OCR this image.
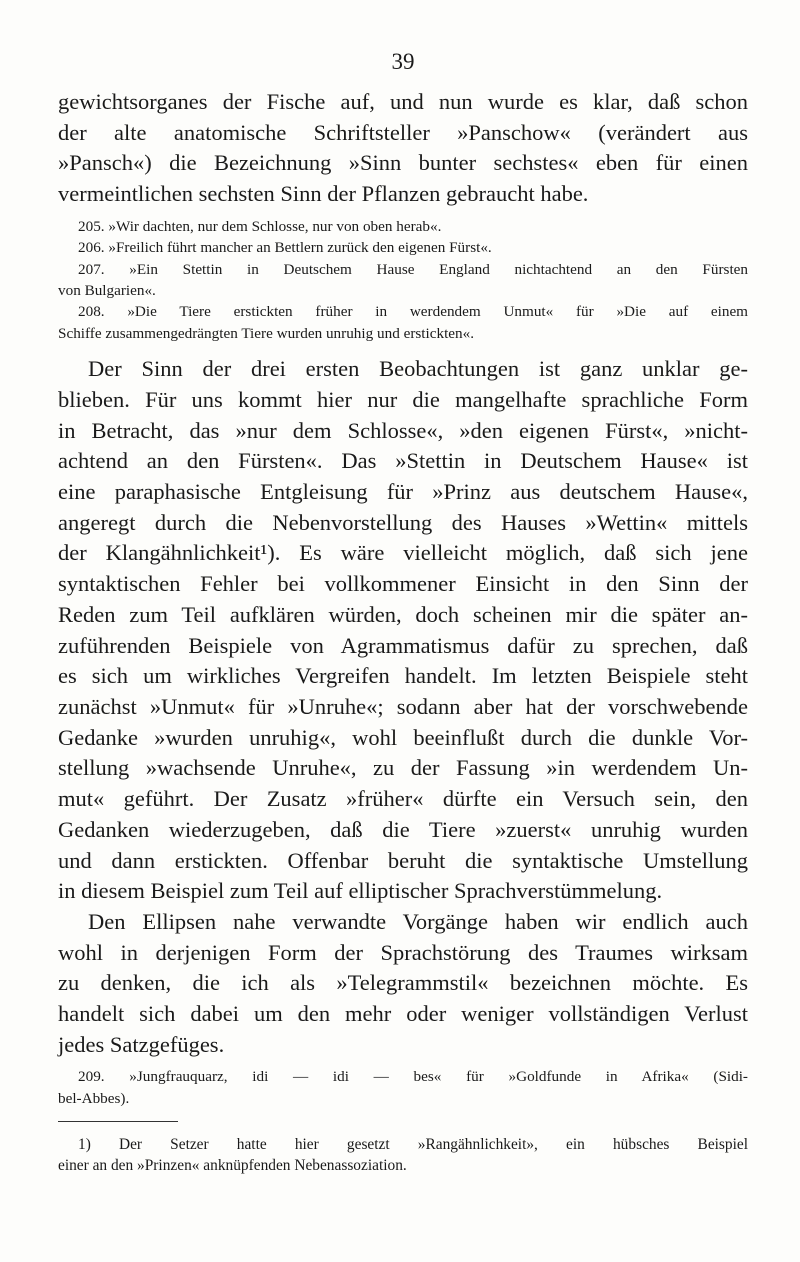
39
gewichtsorganes der Fische auf, und nun wurde es klar, daß schon
der alte anatomische Schriftsteller »Panschow« (verändert aus
»Pansch«) die Bezeichnung »Sinn bunter sechstes« eben für einen
vermeintlichen sechsten Sinn der Pflanzen gebraucht habe.
205. »Wir dachten, nur dem Schlosse, nur von oben herab«.
206. »Freilich führt mancher an Bettlern zurück den eigenen Fürst«.
207. »Ein Stettin in Deutschem Hause England nichtachtend an den Fürsten
von Bulgarien«.
208. »Die Tiere erstickten früher in werdendem Unmut« für »Die auf einem
Schiffe zusammengedrängten Tiere wurden unruhig und erstickten«.
Der Sinn der drei ersten Beobachtungen ist ganz unklar ge-
blieben. Für uns kommt hier nur die mangelhafte sprachliche Form
in Betracht, das »nur dem Schlosse«, »den eigenen Fürst«, »nicht-
achtend an den Fürsten«. Das »Stettin in Deutschem Hause« ist
eine paraphasische Entgleisung für »Prinz aus deutschem Hause«,
angeregt durch die Nebenvorstellung des Hauses »Wettin« mittels
der Klangähnlichkeit¹). Es wäre vielleicht möglich, daß sich jene
syntaktischen Fehler bei vollkommener Einsicht in den Sinn der
Reden zum Teil aufklären würden, doch scheinen mir die später an-
zuführenden Beispiele von Agrammatismus dafür zu sprechen, daß
es sich um wirkliches Vergreifen handelt. Im letzten Beispiele steht
zunächst »Unmut« für »Unruhe«; sodann aber hat der vorschwebende
Gedanke »wurden unruhig«, wohl beeinflußt durch die dunkle Vor-
stellung »wachsende Unruhe«, zu der Fassung »in werdendem Un-
mut« geführt. Der Zusatz »früher« dürfte ein Versuch sein, den
Gedanken wiederzugeben, daß die Tiere »zuerst« unruhig wurden
und dann erstickten. Offenbar beruht die syntaktische Umstellung
in diesem Beispiel zum Teil auf elliptischer Sprachverstümmelung.
Den Ellipsen nahe verwandte Vorgänge haben wir endlich auch
wohl in derjenigen Form der Sprachstörung des Traumes wirksam
zu denken, die ich als »Telegrammstil« bezeichnen möchte. Es
handelt sich dabei um den mehr oder weniger vollständigen Verlust
jedes Satzgefüges.
209. »Jungfrauquarz, idi — idi — bes« für »Goldfunde in Afrika« (Sidi-
bel-Abbes).
1) Der Setzer hatte hier gesetzt »Rangähnlichkeit», ein hübsches Beispiel
einer an den »Prinzen« anknüpfenden Nebenassoziation.
